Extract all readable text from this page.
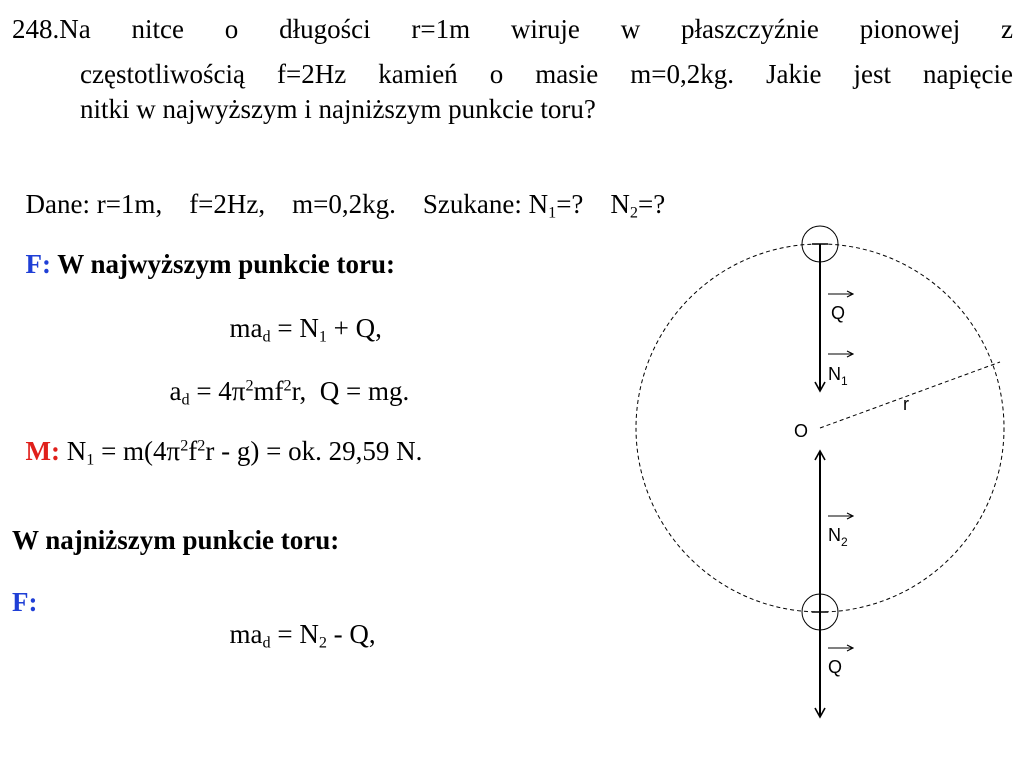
248.Na nitce o długości r=1m wiruje w płaszczyźnie pionowej z
częstotliwością f=2Hz kamień o masie m=0,2kg. Jakie jest napięcie
nitki w najwyższym i najniższym punkcie toru?

Dane: r=1m,    f=2Hz,    m=0,2kg.    Szukane: $N_1=$?    $N_2=$?

F: W najwyższym punkcie toru:

$ma_d = N_1 + Q$,

$a_d = 4\pi^2mf^2r$,  Q = mg.

M: $N_1 = m(4\pi^2f^2r - g)$ = ok. 29,59 N.

W najniższym punkcie toru:
F:

$ma_d = N_2 - Q$,

Q
$N_1$
r
O
$N_2$
Q
